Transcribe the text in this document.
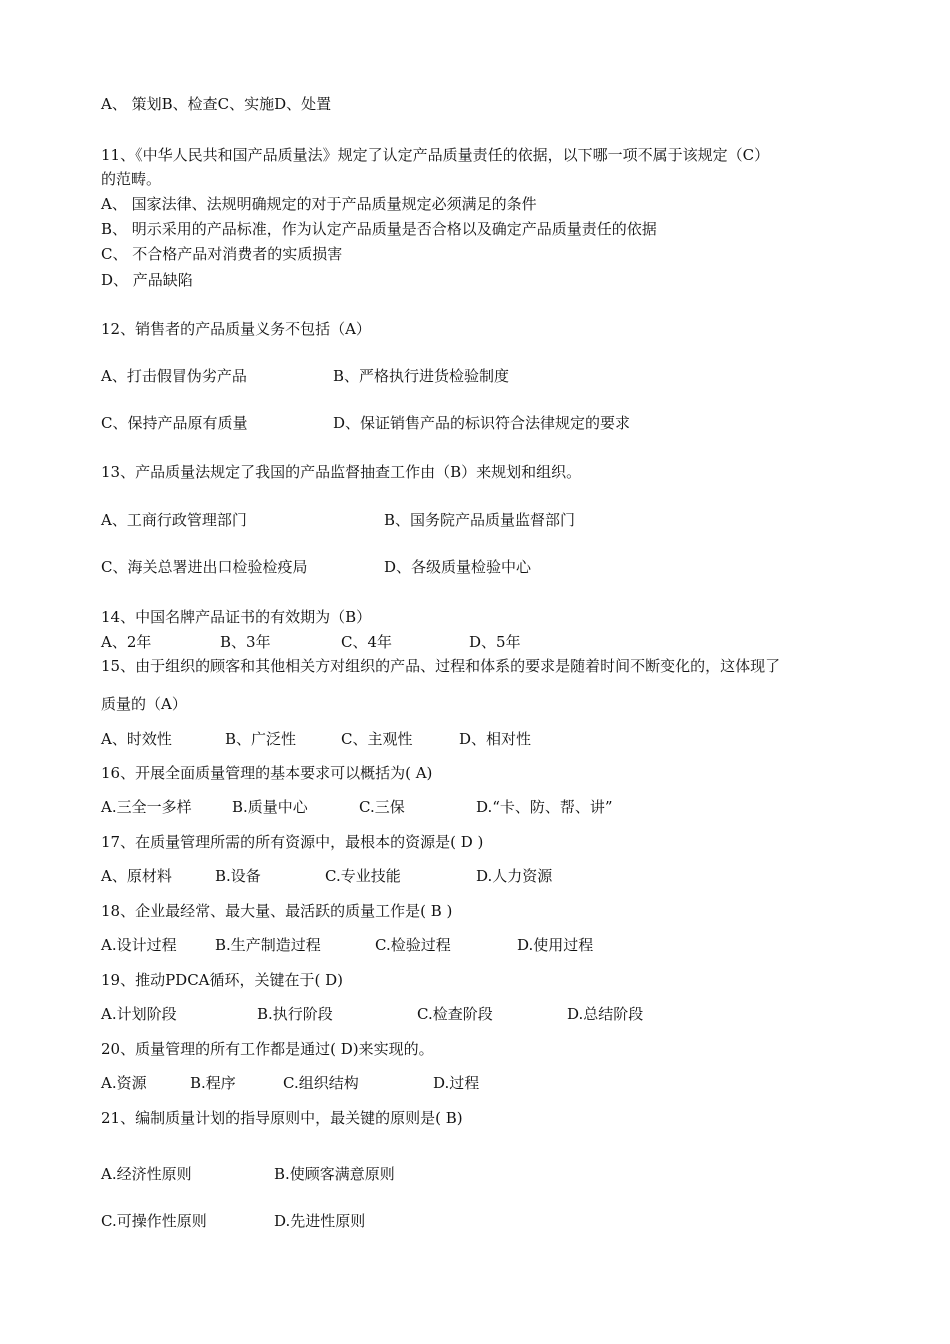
A、 策划B、检查C、实施D、处置
11、《中华人民共和国产品质量法》规定了认定产品质量责任的依据，以下哪一项不属于该规定（C）
的范畴。
A、 国家法律、法规明确规定的对于产品质量规定必须满足的条件
B、 明示采用的产品标准，作为认定产品质量是否合格以及确定产品质量责任的依据
C、 不合格产品对消费者的实质损害
D、 产品缺陷
12、销售者的产品质量义务不包括（A）
A、打击假冒伪劣产品	B、严格执行进货检验制度
C、保持产品原有质量	D、保证销售产品的标识符合法律规定的要求
13、产品质量法规定了我国的产品监督抽查工作由（B）来规划和组织。
A、工商行政管理部门	B、国务院产品质量监督部门
C、海关总署进出口检验检疫局	D、各级质量检验中心
14、中国名牌产品证书的有效期为（B）
A、2年	B、3年	C、4年	D、5年
15、由于组织的顾客和其他相关方对组织的产品、过程和体系的要求是随着时间不断变化的，这体现了
质量的（A）
A、时效性	B、广泛性	C、主观性	D、相对性
16、开展全面质量管理的基本要求可以概括为( A)
A.三全一多样	B.质量中心	C.三保	D.“卡、防、帮、讲”
17、在质量管理所需的所有资源中，最根本的资源是( D )
A、原材料	B.设备	C.专业技能	D.人力资源
18、企业最经常、最大量、最活跃的质量工作是( B )
A.设计过程	B.生产制造过程	C.检验过程	D.使用过程
19、推动PDCA循环，关键在于( D)
A.计划阶段	B.执行阶段	C.检查阶段	D.总结阶段
20、质量管理的所有工作都是通过( D)来实现的。
A.资源	B.程序	C.组织结构	D.过程
21、编制质量计划的指导原则中，最关键的原则是( B)
A.经济性原则	B.使顾客满意原则
C.可操作性原则	D.先进性原则
